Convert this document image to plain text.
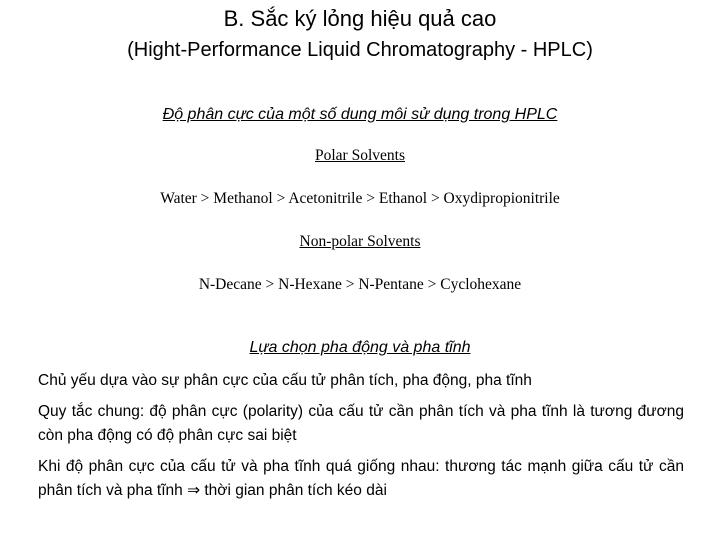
B. Sắc ký lỏng hiệu quả cao
(Hight-Performance Liquid Chromatography - HPLC)
Độ phân cực của một số dung môi sử dụng trong HPLC
Polar Solvents
Water > Methanol > Acetonitrile > Ethanol > Oxydipropionitrile
Non-polar Solvents
N-Decane > N-Hexane > N-Pentane > Cyclohexane
Lựa chọn pha động và pha tĩnh
Chủ yếu dựa vào sự phân cực của cấu tử phân tích, pha động, pha tĩnh
Quy tắc chung: độ phân cực (polarity) của cấu tử cần phân tích và pha tĩnh là tương đương còn pha động có độ phân cực sai biệt
Khi độ phân cực của cấu tử và pha tĩnh quá giống nhau: thương tác mạnh giữa cấu tử cần phân tích và pha tĩnh ⇒ thời gian phân tích kéo dài
